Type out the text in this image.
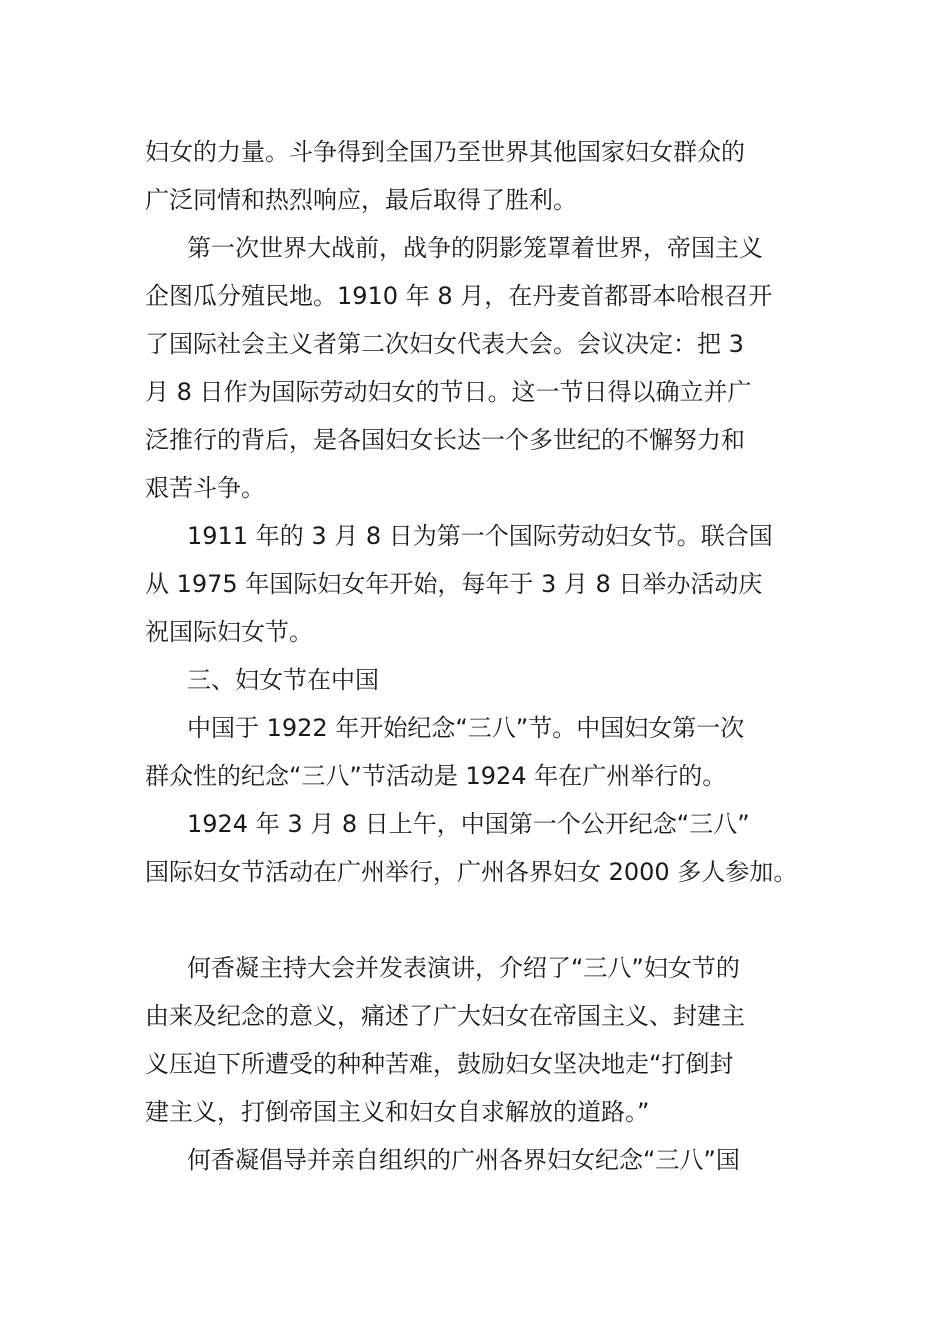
妇女的力量。斗争得到全国乃至世界其他国家妇女群众的
广泛同情和热烈响应，最后取得了胜利。
第一次世界大战前，战争的阴影笼罩着世界，帝国主义
企图瓜分殖民地。1910 年 8 月，在丹麦首都哥本哈根召开
了国际社会主义者第二次妇女代表大会。会议决定：把 3
月 8 日作为国际劳动妇女的节日。这一节日得以确立并广
泛推行的背后，是各国妇女长达一个多世纪的不懈努力和
艰苦斗争。
1911 年的 3 月 8 日为第一个国际劳动妇女节。联合国
从 1975 年国际妇女年开始，每年于 3 月 8 日举办活动庆
祝国际妇女节。
三、妇女节在中国
中国于 1922 年开始纪念“三八”节。中国妇女第一次
群众性的纪念“三八”节活动是 1924 年在广州举行的。
1924 年 3 月 8 日上午，中国第一个公开纪念“三八”
国际妇女节活动在广州举行，广州各界妇女 2000 多人参加。
何香凝主持大会并发表演讲，介绍了“三八”妇女节的
由来及纪念的意义，痛述了广大妇女在帝国主义、封建主
义压迫下所遭受的种种苦难，鼓励妇女坚决地走“打倒封
建主义，打倒帝国主义和妇女自求解放的道路。”
何香凝倡导并亲自组织的广州各界妇女纪念“三八”国
